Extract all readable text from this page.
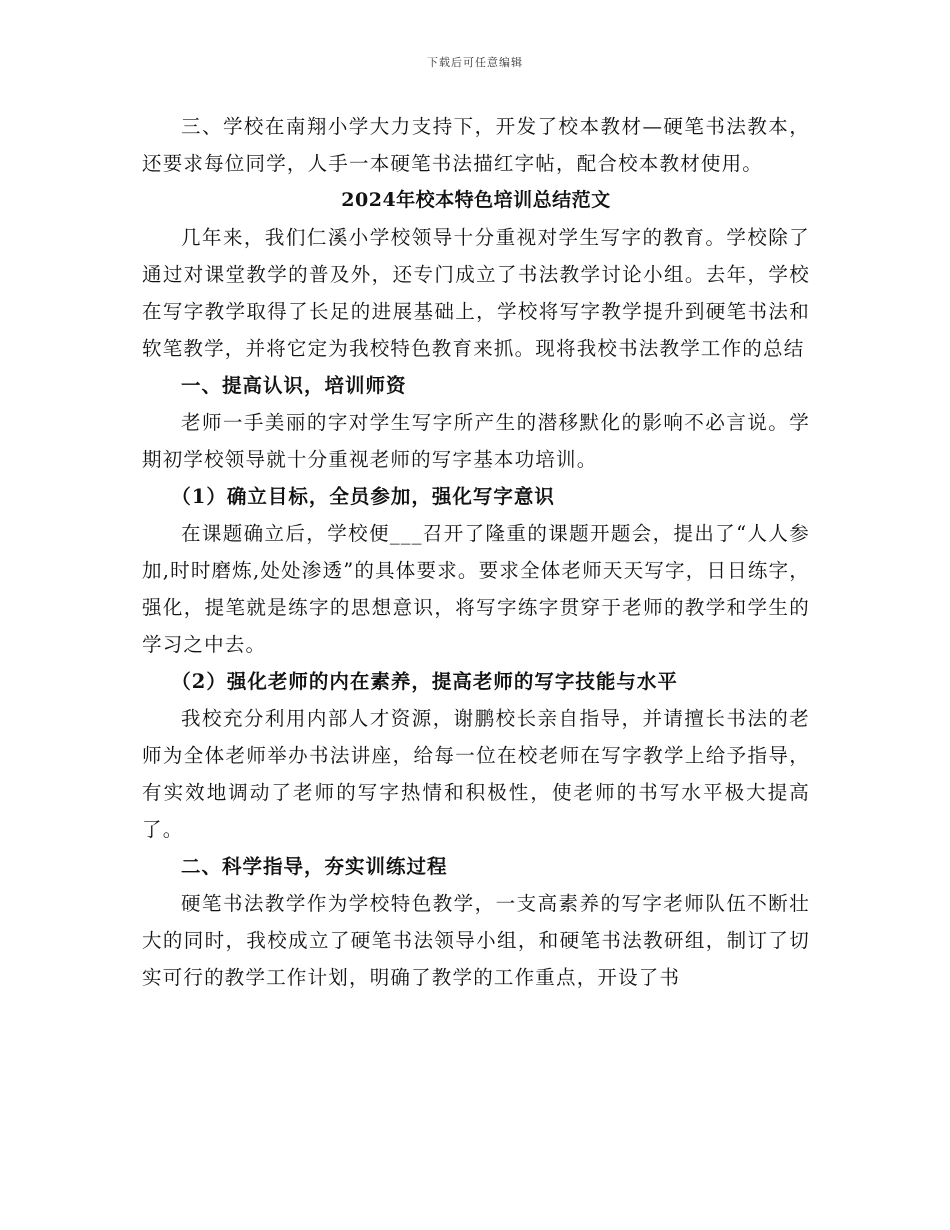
下载后可任意编辑

三、学校在南翔小学大力支持下，开发了校本教材—硬笔书法教本，还要求每位同学，人手一本硬笔书法描红字帖，配合校本教材使用。

2024年校本特色培训总结范文

几年来，我们仁溪小学校领导十分重视对学生写字的教育。学校除了通过对课堂教学的普及外，还专门成立了书法教学讨论小组。去年，学校在写字教学取得了长足的进展基础上，学校将写字教学提升到硬笔书法和软笔教学，并将它定为我校特色教育来抓。现将我校书法教学工作的总结

一、提高认识，培训师资

老师一手美丽的字对学生写字所产生的潜移默化的影响不必言说。学期初学校领导就十分重视老师的写字基本功培训。

（1）确立目标，全员参加，强化写字意识

在课题确立后，学校便___召开了隆重的课题开题会，提出了“人人参加,时时磨炼,处处渗透”的具体要求。要求全体老师天天写字，日日练字，强化，提笔就是练字的思想意识，将写字练字贯穿于老师的教学和学生的学习之中去。

（2）强化老师的内在素养，提高老师的写字技能与水平

我校充分利用内部人才资源，谢鹏校长亲自指导，并请擅长书法的老师为全体老师举办书法讲座，给每一位在校老师在写字教学上给予指导，有实效地调动了老师的写字热情和积极性，使老师的书写水平极大提高了。

二、科学指导，夯实训练过程

硬笔书法教学作为学校特色教学，一支高素养的写字老师队伍不断壮大的同时，我校成立了硬笔书法领导小组，和硬笔书法教研组，制订了切实可行的教学工作计划，明确了教学的工作重点，开设了书
